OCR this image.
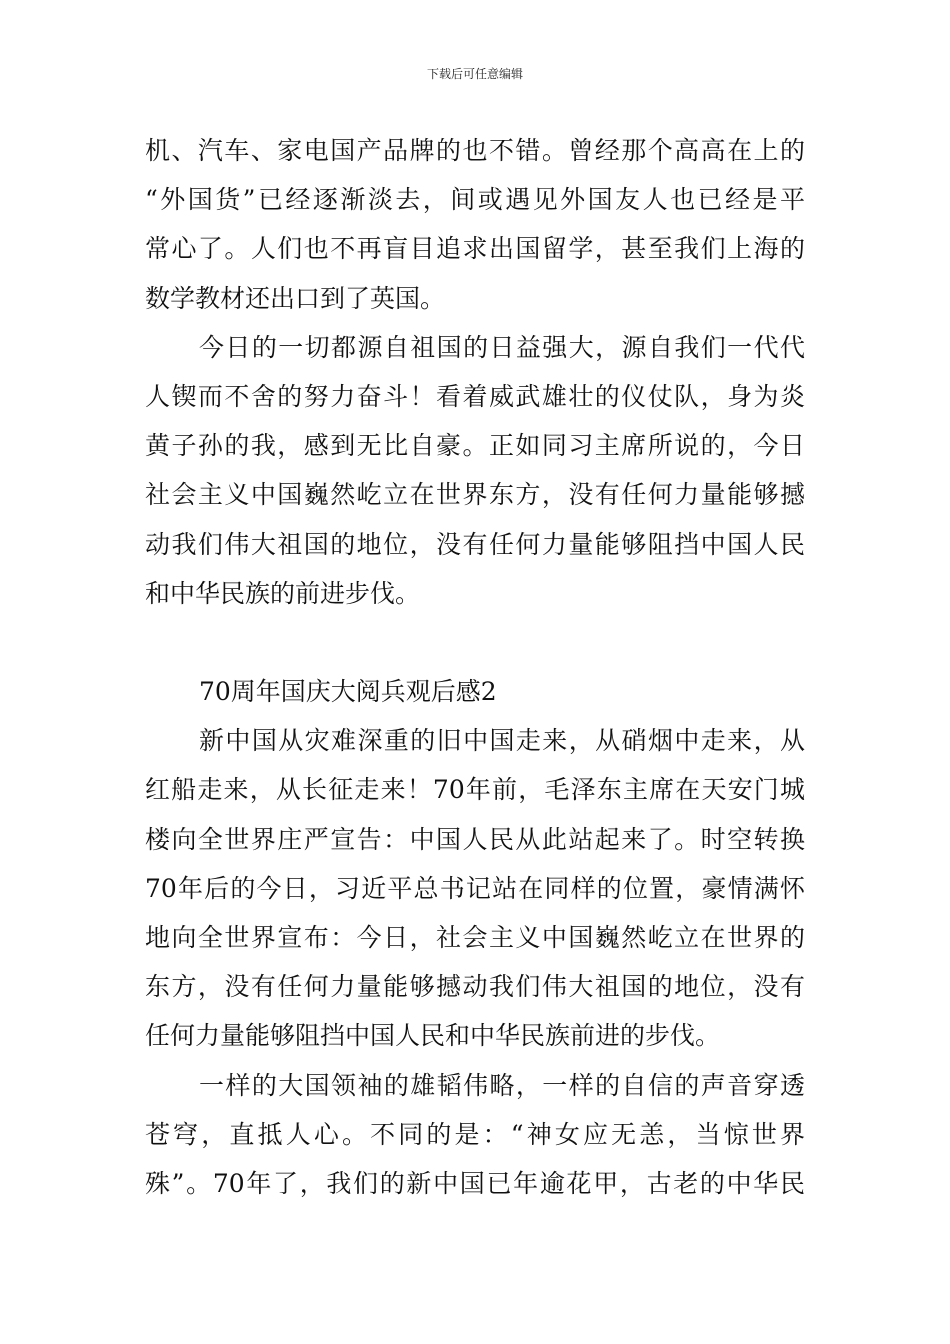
下载后可任意编辑
机、汽车、家电国产品牌的也不错。曾经那个高高在上的
“外国货”已经逐渐淡去，间或遇见外国友人也已经是平
常心了。人们也不再盲目追求出国留学，甚至我们上海的
数学教材还出口到了英国。
今日的一切都源自祖国的日益强大，源自我们一代代
人锲而不舍的努力奋斗！看着威武雄壮的仪仗队，身为炎
黄子孙的我，感到无比自豪。正如同习主席所说的，今日
社会主义中国巍然屹立在世界东方，没有任何力量能够撼
动我们伟大祖国的地位，没有任何力量能够阻挡中国人民
和中华民族的前进步伐。
70周年国庆大阅兵观后感2
新中国从灾难深重的旧中国走来，从硝烟中走来，从
红船走来，从长征走来！70年前，毛泽东主席在天安门城
楼向全世界庄严宣告：中国人民从此站起来了。时空转换
70年后的今日，习近平总书记站在同样的位置，豪情满怀
地向全世界宣布：今日，社会主义中国巍然屹立在世界的
东方，没有任何力量能够撼动我们伟大祖国的地位，没有
任何力量能够阻挡中国人民和中华民族前进的步伐。
一样的大国领袖的雄韬伟略，一样的自信的声音穿透
苍穹，直抵人心。不同的是：“神女应无恙，当惊世界
殊”。70年了，我们的新中国已年逾花甲，古老的中华民
